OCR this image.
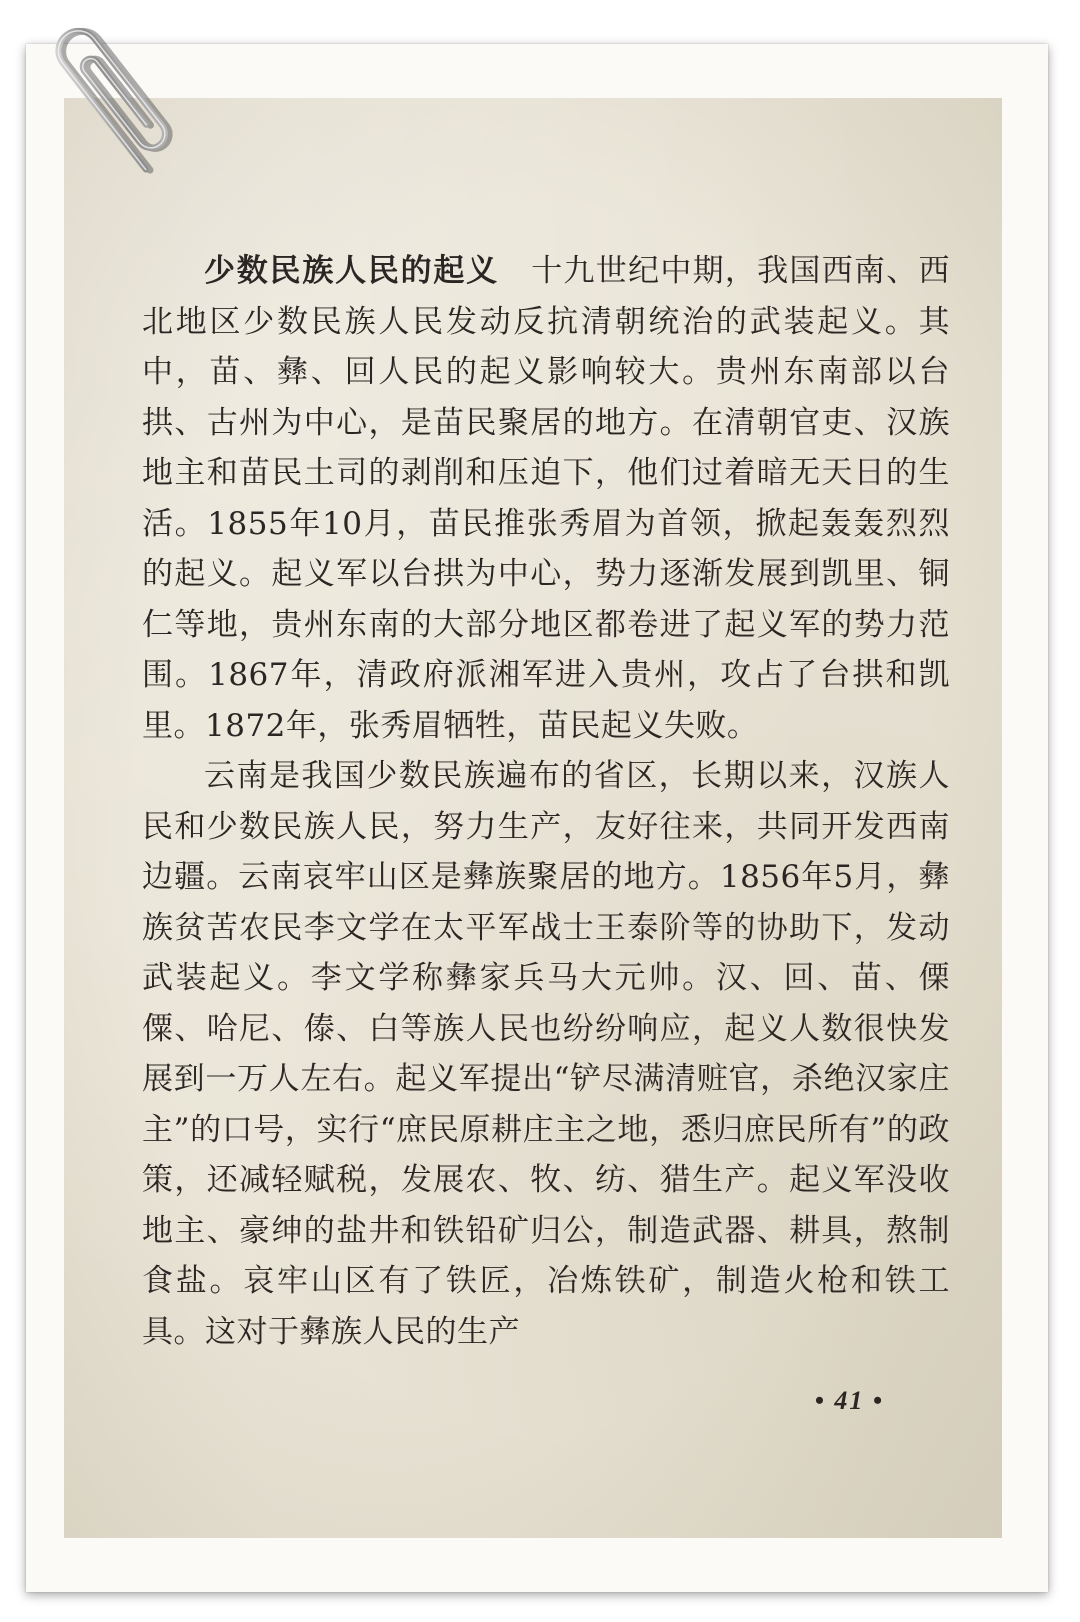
少数民族人民的起义　 十九世纪中期，我国西南、西北地区少数民族人民发动反抗清朝统治的武装起义。其中，苗、彝、回人民的起义影响较大。贵州东南部以台拱、古州为中心，是苗民聚居的地方。在清朝官吏、汉族地主和苗民土司的剥削和压迫下，他们过着暗无天日的生活。1855年10月，苗民推张秀眉为首领，掀起轰轰烈烈的起义。起义军以台拱为中心，势力逐渐发展到凯里、铜仁等地，贵州东南的大部分地区都卷进了起义军的势力范围。1867年，清政府派湘军进入贵州，攻占了台拱和凯里。1872年，张秀眉牺牲，苗民起义失败。

云南是我国少数民族遍布的省区，长期以来，汉族人民和少数民族人民，努力生产，友好往来，共同开发西南边疆。云南哀牢山区是彝族聚居的地方。1856年5月，彝族贫苦农民李文学在太平军战士王泰阶等的协助下，发动武装起义。李文学称彝家兵马大元帅。汉、回、苗、傈僳、哈尼、傣、白等族人民也纷纷响应，起义人数很快发展到一万人左右。起义军提出“铲尽满清赃官，杀绝汉家庄主”的口号，实行“庶民原耕庄主之地，悉归庶民所有”的政策，还减轻赋税，发展农、牧、纺、猎生产。起义军没收地主、豪绅的盐井和铁铅矿归公，制造武器、耕具，熬制食盐。哀牢山区有了铁匠，冶炼铁矿，制造火枪和铁工具。这对于彝族人民的生产

• 41 •
